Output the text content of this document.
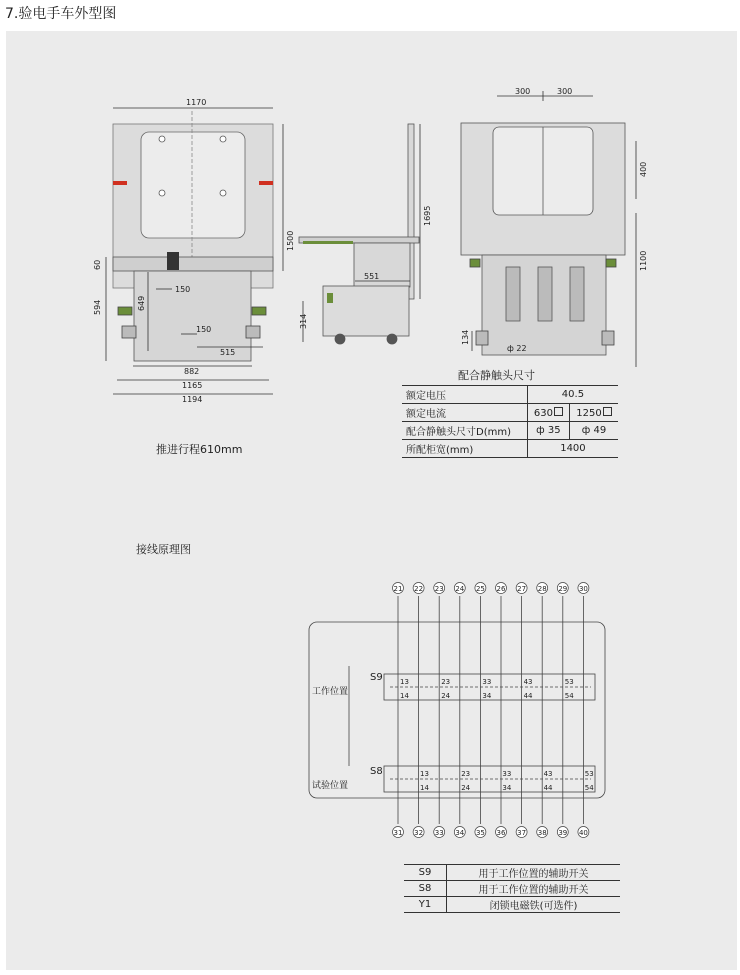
7.验电手车外型图
1170
1500
60
594	649
150
150
515
882
1165
1194
1695
551
314
300	300
400
1100
134
ф 22
配合静触头尺寸
额定电压	40.5	
额定电流	630	1250
配合静触头尺寸D(mm)	ф 35	ф 49
所配柜宽(mm)	1400	
推进行程610mm
接线原理图
S9
工作位置
S8
试验位置
21
31
22
32
23
33
24
34
25
35
26
36
27
37
28
38
29
39
30
40
13
14
13
14
23
24
23
24
33
34
33
34
43
44
43
44
53
54
53
54
S9	用于工作位置的辅助开关
S8	用于工作位置的辅助开关
Y1	闭锁电磁铁(可选件)
